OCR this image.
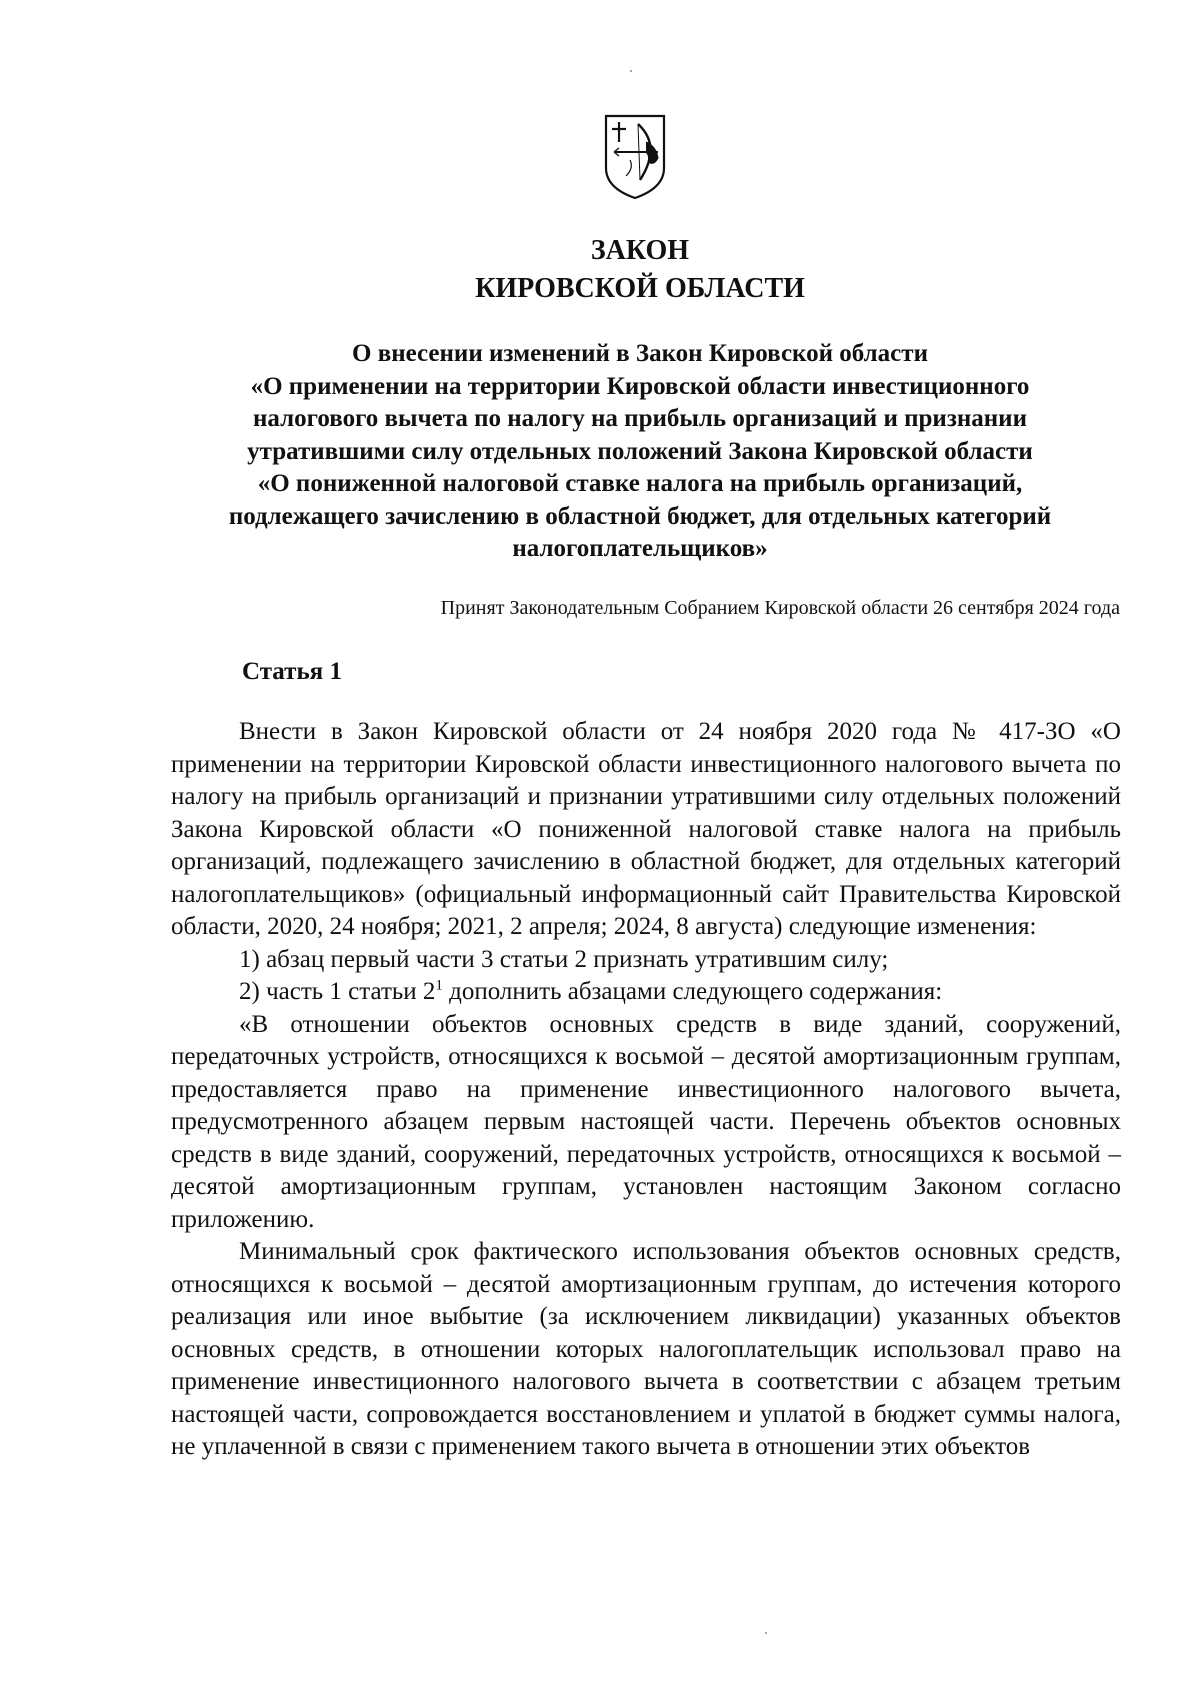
ЗАКОН

КИРОВСКОЙ ОБЛАСТИ

О внесении изменений в Закон Кировской области
«О применении на территории Кировской области инвестиционного
налогового вычета по налогу на прибыль организаций и признании
утратившими силу отдельных положений Закона Кировской области
«О пониженной налоговой ставке налога на прибыль организаций,
подлежащего зачислению в областной бюджет, для отдельных категорий
налогоплательщиков»
Принят Законодательным Собранием Кировской области 26 сентября 2024 года
Статья 1

Внести в Закон Кировской области от 24 ноября 2020 года № 417-ЗО «О применении на территории Кировской области инвестиционного налогового вычета по налогу на прибыль организаций и признании утратившими силу отдельных положений Закона Кировской области «О пониженной налоговой ставке налога на прибыль организаций, подлежащего зачислению в областной бюджет, для отдельных категорий налогоплательщиков» (официальный информационный сайт Правительства Кировской области, 2020, 24 ноября; 2021, 2 апреля; 2024, 8 августа) следующие изменения:

1) абзац первый части 3 статьи 2 признать утратившим силу;

2) часть 1 статьи $2^1$ дополнить абзацами следующего содержания:

«В отношении объектов основных средств в виде зданий, сооружений, передаточных устройств, относящихся к восьмой – десятой амортизационным группам, предоставляется право на применение инвестиционного налогового вычета, предусмотренного абзацем первым настоящей части. Перечень объектов основных средств в виде зданий, сооружений, передаточных устройств, относящихся к восьмой – десятой амортизационным группам, установлен настоящим Законом согласно приложению.

Минимальный срок фактического использования объектов основных средств, относящихся к восьмой – десятой амортизационным группам, до истечения которого реализация или иное выбытие (за исключением ликвидации) указанных объектов основных средств, в отношении которых налогоплательщик использовал право на применение инвестиционного налогового вычета в соответствии с абзацем третьим настоящей части, сопровождается восстановлением и уплатой в бюджет суммы налога, не уплаченной в связи с применением такого вычета в отношении этих объектов
